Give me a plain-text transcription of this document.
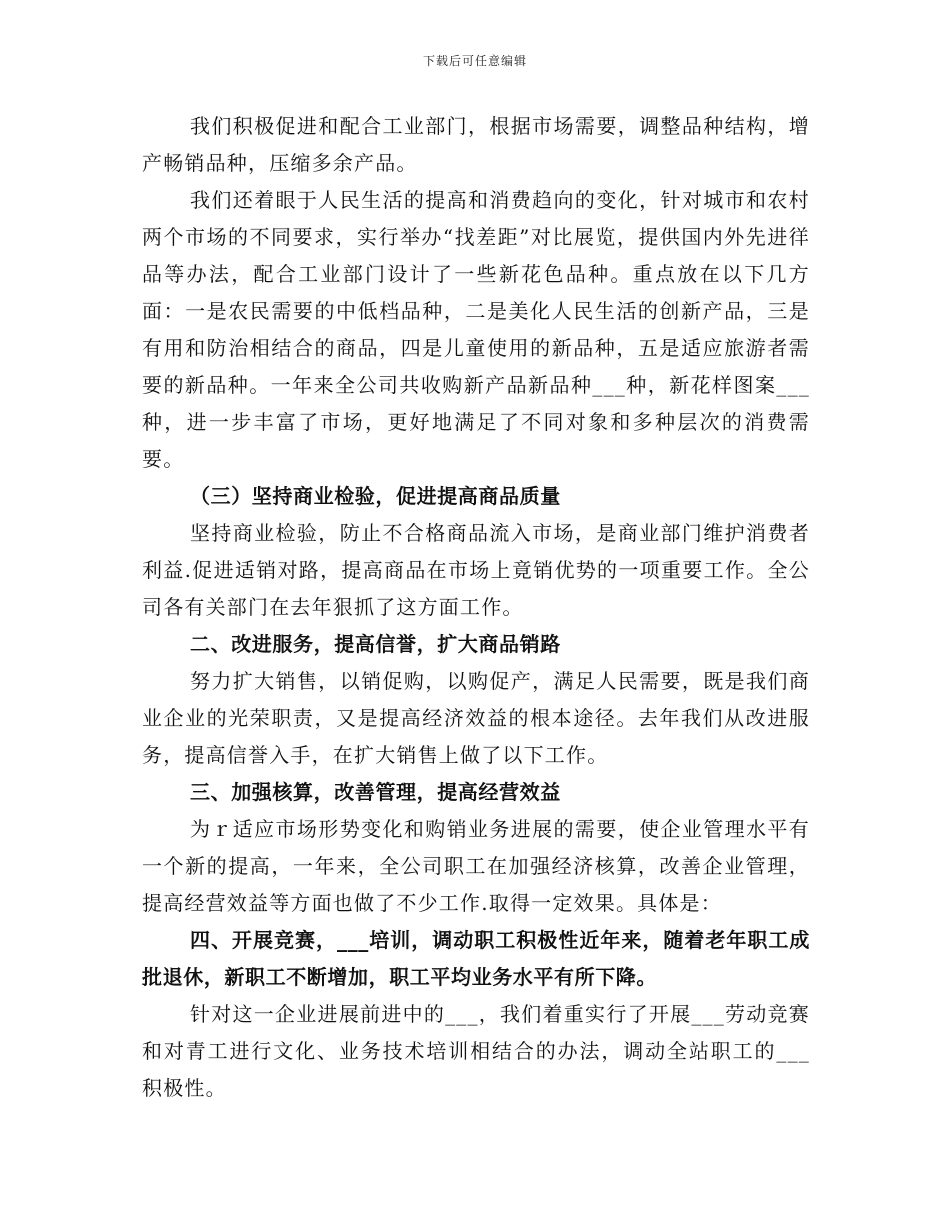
下载后可任意编辑

我们积极促进和配合工业部门，根据市场需要，调整品种结构，增产畅销品种，压缩多余产品。

我们还着眼于人民生活的提高和消费趋向的变化，针对城市和农村两个市场的不同要求，实行举办“找差距”对比展览，提供国内外先进徉品等办法，配合工业部门设计了一些新花色品种。重点放在以下几方面：一是农民需要的中低档品种，二是美化人民生活的创新产品，三是有用和防治相结合的商品，四是儿童使用的新品种，五是适应旅游者需要的新品种。一年来全公司共收购新产品新品种___种，新花样图案___种，进一步丰富了市场，更好地满足了不同对象和多种层次的消费需要。

（三）坚持商业检验，促进提高商品质量

坚持商业检验，防止不合格商品流入市场，是商业部门维护消费者利益.促进适销对路，提高商品在市场上竟销优势的一项重要工作。全公司各有关部门在去年狠抓了这方面工作。

二、改进服务，提高信誉，扩大商品销路

努力扩大销售，以销促购，以购促产，满足人民需要，既是我们商业企业的光荣职责，又是提高经济效益的根本途径。去年我们从改进服务，提高信誉入手，在扩大销售上做了以下工作。

三、加强核算，改善管理，提高经营效益

为ｒ适应市场形势变化和购销业务进展的需要，使企业管理水平有一个新的提高，一年来，全公司职工在加强经济核算，改善企业管理，提高经营效益等方面也做了不少工作.取得一定效果。具体是：

四、开展竞赛，___培训，调动职工积极性近年来，随着老年职工成批退休，新职工不断增加，职工平均业务水平有所下降。

针对这一企业进展前进中的___，我们着重实行了开展___劳动竞赛和对青工进行文化、业务技术培训相结合的办法，调动全站职工的___积极性。
